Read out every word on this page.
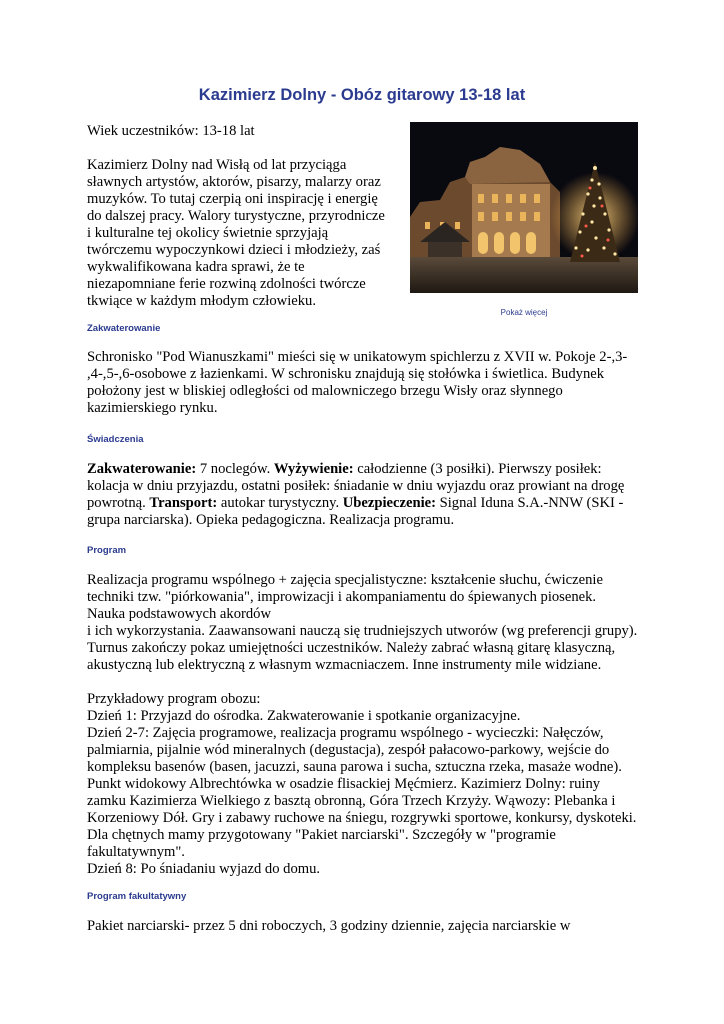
Kazimierz Dolny - Obóz gitarowy 13-18 lat

Wiek uczestników: 13-18 lat

Kazimierz Dolny nad Wisłą od lat przyciąga

sławnych artystów, aktorów, pisarzy, malarzy oraz

muzyków. To tutaj czerpią oni inspirację i energię

do dalszej pracy. Walory turystyczne, przyrodnicze

i kulturalne tej okolicy świetnie sprzyjają

twórczemu wypoczynkowi dzieci i młodzieży, zaś

wykwalifikowana kadra sprawi, że te

niezapomniane ferie rozwiną zdolności twórcze

tkwiące w każdym młodym człowieku.

Pokaż więcej

Zakwaterowanie

Schronisko "Pod Wianuszkami" mieści się w unikatowym spichlerzu z XVII w. Pokoje 2-,3-

,4-,5-,6-osobowe z łazienkami. W schronisku znajdują się stołówka i świetlica. Budynek

położony jest w bliskiej odległości od malowniczego brzegu Wisły oraz słynnego

kazimierskiego rynku.

Świadczenia

Zakwaterowanie: 7 noclegów. Wyżywienie: całodzienne (3 posiłki). Pierwszy posiłek:

kolacja w dniu przyjazdu, ostatni posiłek: śniadanie w dniu wyjazdu oraz prowiant na drogę

powrotną. Transport: autokar turystyczny. Ubezpieczenie: Signal Iduna S.A.-NNW (SKI -

grupa narciarska). Opieka pedagogiczna. Realizacja programu.

Program

Realizacja programu wspólnego + zajęcia specjalistyczne: kształcenie słuchu, ćwiczenie

techniki tzw. "piórkowania", improwizacji i akompaniamentu do śpiewanych piosenek.

Nauka podstawowych akordów

i ich wykorzystania. Zaawansowani nauczą się trudniejszych utworów (wg preferencji grupy).

Turnus zakończy pokaz umiejętności uczestników. Należy zabrać własną gitarę klasyczną,

akustyczną lub elektryczną z własnym wzmacniaczem. Inne instrumenty mile widziane.

Przykładowy program obozu:

Dzień 1: Przyjazd do ośrodka. Zakwaterowanie i spotkanie organizacyjne.

Dzień 2-7: Zajęcia programowe, realizacja programu wspólnego - wycieczki: Nałęczów,

palmiarnia, pijalnie wód mineralnych (degustacja), zespół pałacowo-parkowy, wejście do

kompleksu basenów (basen, jacuzzi, sauna parowa i sucha, sztuczna rzeka, masaże wodne).

Punkt widokowy Albrechtówka w osadzie flisackiej Męćmierz. Kazimierz Dolny: ruiny

zamku Kazimierza Wielkiego z basztą obronną, Góra Trzech Krzyży. Wąwozy: Plebanka i

Korzeniowy Dół. Gry i zabawy ruchowe na śniegu, rozgrywki sportowe, konkursy, dyskoteki.

Dla chętnych mamy przygotowany "Pakiet narciarski". Szczegóły w "programie

fakultatywnym".

Dzień 8: Po śniadaniu wyjazd do domu.

Program fakultatywny

Pakiet narciarski- przez 5 dni roboczych, 3 godziny dziennie, zajęcia narciarskie w
